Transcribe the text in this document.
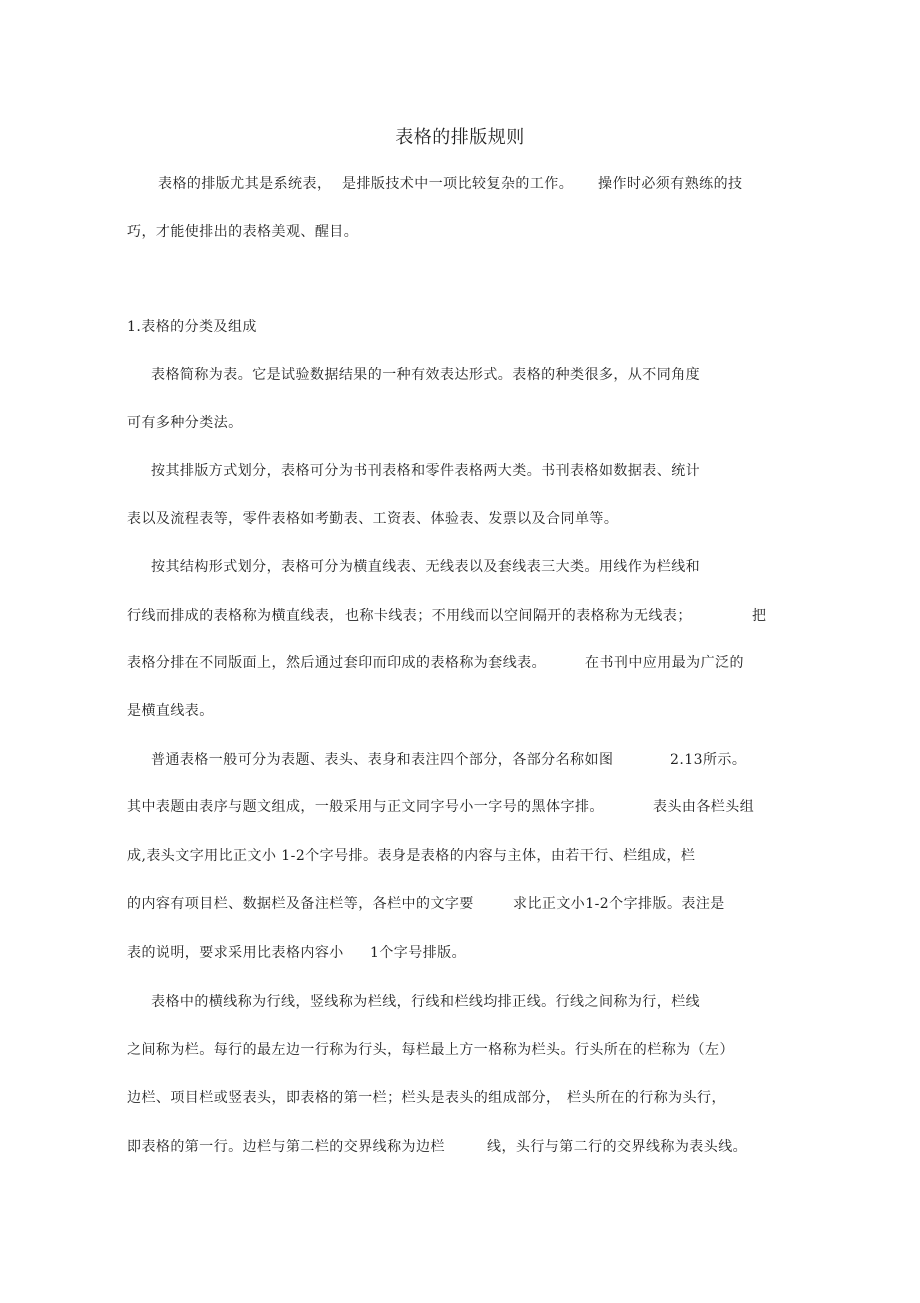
表格的排版规则
表格的排版尤其是系统表， 是排版技术中一项比较复杂的工作。 操作时必须有熟练的技
巧，才能使排出的表格美观、醒目。
1.表格的分类及组成
表格简称为表。它是试验数据结果的一种有效表达形式。表格的种类很多，从不同角度
可有多种分类法。
按其排版方式划分，表格可分为书刊表格和零件表格两大类。书刊表格如数据表、统计
表以及流程表等，零件表格如考勤表、工资表、体验表、发票以及合同单等。
按其结构形式划分，表格可分为横直线表、无线表以及套线表三大类。用线作为栏线和
行线而排成的表格称为横直线表， 也称卡线表；不用线而以空间隔开的表格称为无线表；	把
表格分排在不同版面上，然后通过套印而印成的表格称为套线表。	在书刊中应用最为广泛的
是横直线表。
普通表格一般可分为表题、表头、表身和表注四个部分，各部分名称如图	2.13所示。
其中表题由表序与题文组成，一般采用与正文同字号小一字号的黑体字排。	表头由各栏头组
成,表头文字用比正文小 1-2个字号排。表身是表格的内容与主体，由若干行、栏组成，栏
的内容有项目栏、数据栏及备注栏等，各栏中的文字要	求比正文小1-2个字排版。表注是
表的说明，要求采用比表格内容小 1个字号排版。
表格中的横线称为行线，竖线称为栏线，行线和栏线均排正线。行线之间称为行，栏线
之间称为栏。每行的最左边一行称为行头，每栏最上方一格称为栏头。行头所在的栏称为（左）
边栏、项目栏或竖表头，即表格的第一栏；栏头是表头的组成部分， 栏头所在的行称为头行，
即表格的第一行。边栏与第二栏的交界线称为边栏	线，头行与第二行的交界线称为表头线。
